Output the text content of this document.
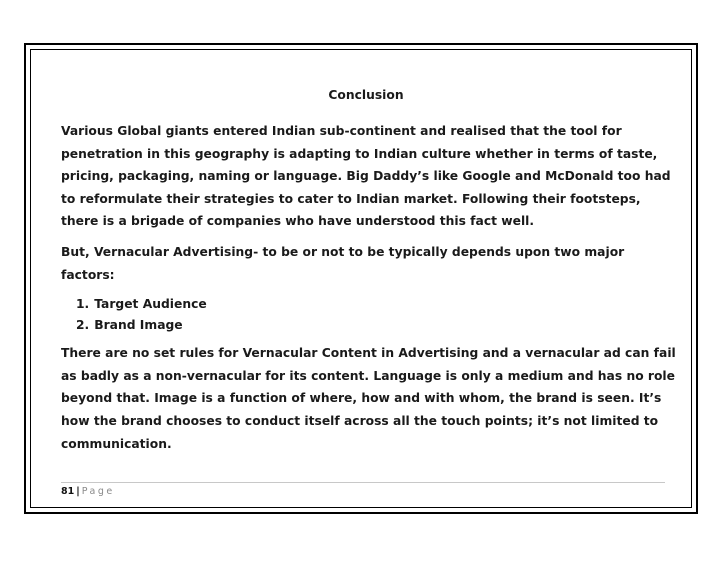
Conclusion

Various Global giants entered Indian sub-continent and realised that the tool for
penetration in this geography is adapting to Indian culture whether in terms of taste,
pricing, packaging, naming or language. Big Daddy’s like Google and McDonald too had
to reformulate their strategies to cater to Indian market. Following their footsteps,
there is a brigade of companies who have understood this fact well.

But, Vernacular Advertising- to be or not to be typically depends upon two major
factors:

1. Target Audience
2. Brand Image

There are no set rules for Vernacular Content in Advertising and a vernacular ad can fail
as badly as a non-vernacular for its content. Language is only a medium and has no role
beyond that. Image is a function of where, how and with whom, the brand is seen. It’s
how the brand chooses to conduct itself across all the touch points; it’s not limited to
communication.

81 | Page
